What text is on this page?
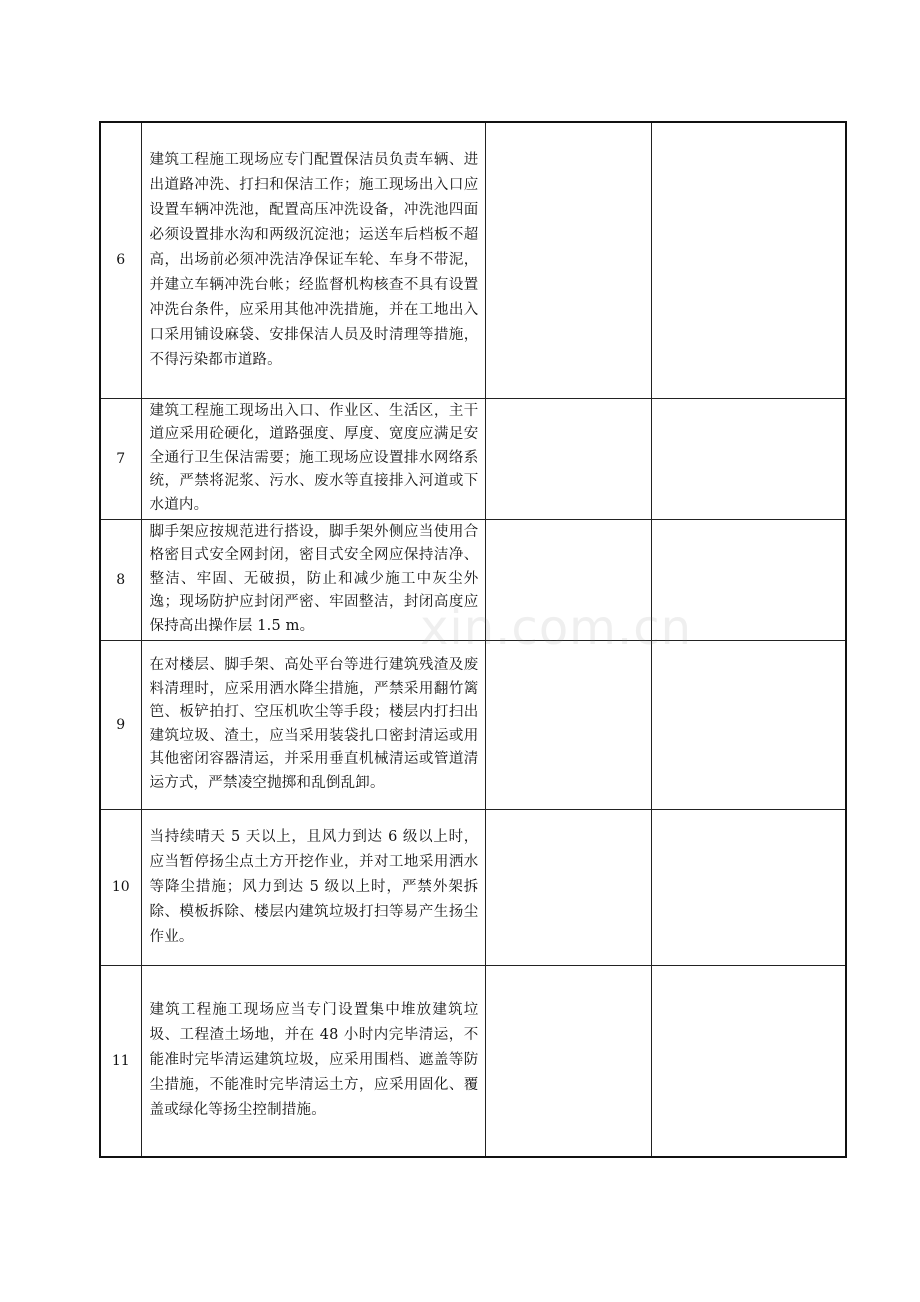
6	建筑工程施工现场应专门配置保洁员负责车辆、进出道路冲洗、打扫和保洁工作；施工现场出入口应设置车辆冲洗池，配置高压冲洗设备，冲洗池四面必须设置排水沟和两级沉淀池；运送车后档板不超高，出场前必须冲洗洁净保证车轮、车身不带泥，并建立车辆冲洗台帐；经监督机构核查不具有设置冲洗台条件，应采用其他冲洗措施，并在工地出入口采用铺设麻袋、安排保洁人员及时清理等措施，不得污染都市道路。		
7	建筑工程施工现场出入口、作业区、生活区，主干道应采用砼硬化，道路强度、厚度、宽度应满足安全通行卫生保洁需要；施工现场应设置排水网络系统，严禁将泥浆、污水、废水等直接排入河道或下水道内。		
8	脚手架应按规范进行搭设，脚手架外侧应当使用合格密目式安全网封闭，密目式安全网应保持洁净、整洁、牢固、无破损，防止和减少施工中灰尘外逸；现场防护应封闭严密、牢固整洁，封闭高度应保持高出操作层 1.5 m。		
9	在对楼层、脚手架、高处平台等进行建筑残渣及废料清理时，应采用洒水降尘措施，严禁采用翻竹篱笆、板铲拍打、空压机吹尘等手段；楼层内打扫出建筑垃圾、渣土，应当采用装袋扎口密封清运或用其他密闭容器清运，并采用垂直机械清运或管道清运方式，严禁凌空抛掷和乱倒乱卸。		
10	当持续晴天 5 天以上，且风力到达 6 级以上时，应当暂停扬尘点土方开挖作业，并对工地采用洒水等降尘措施；风力到达 5 级以上时，严禁外架拆除、模板拆除、楼层内建筑垃圾打扫等易产生扬尘作业。		
11	建筑工程施工现场应当专门设置集中堆放建筑垃圾、工程渣土场地，并在 48 小时内完毕清运，不能准时完毕清运建筑垃圾，应采用围档、遮盖等防尘措施，不能准时完毕清运土方，应采用固化、覆盖或绿化等扬尘控制措施。		
xin.com.cn
